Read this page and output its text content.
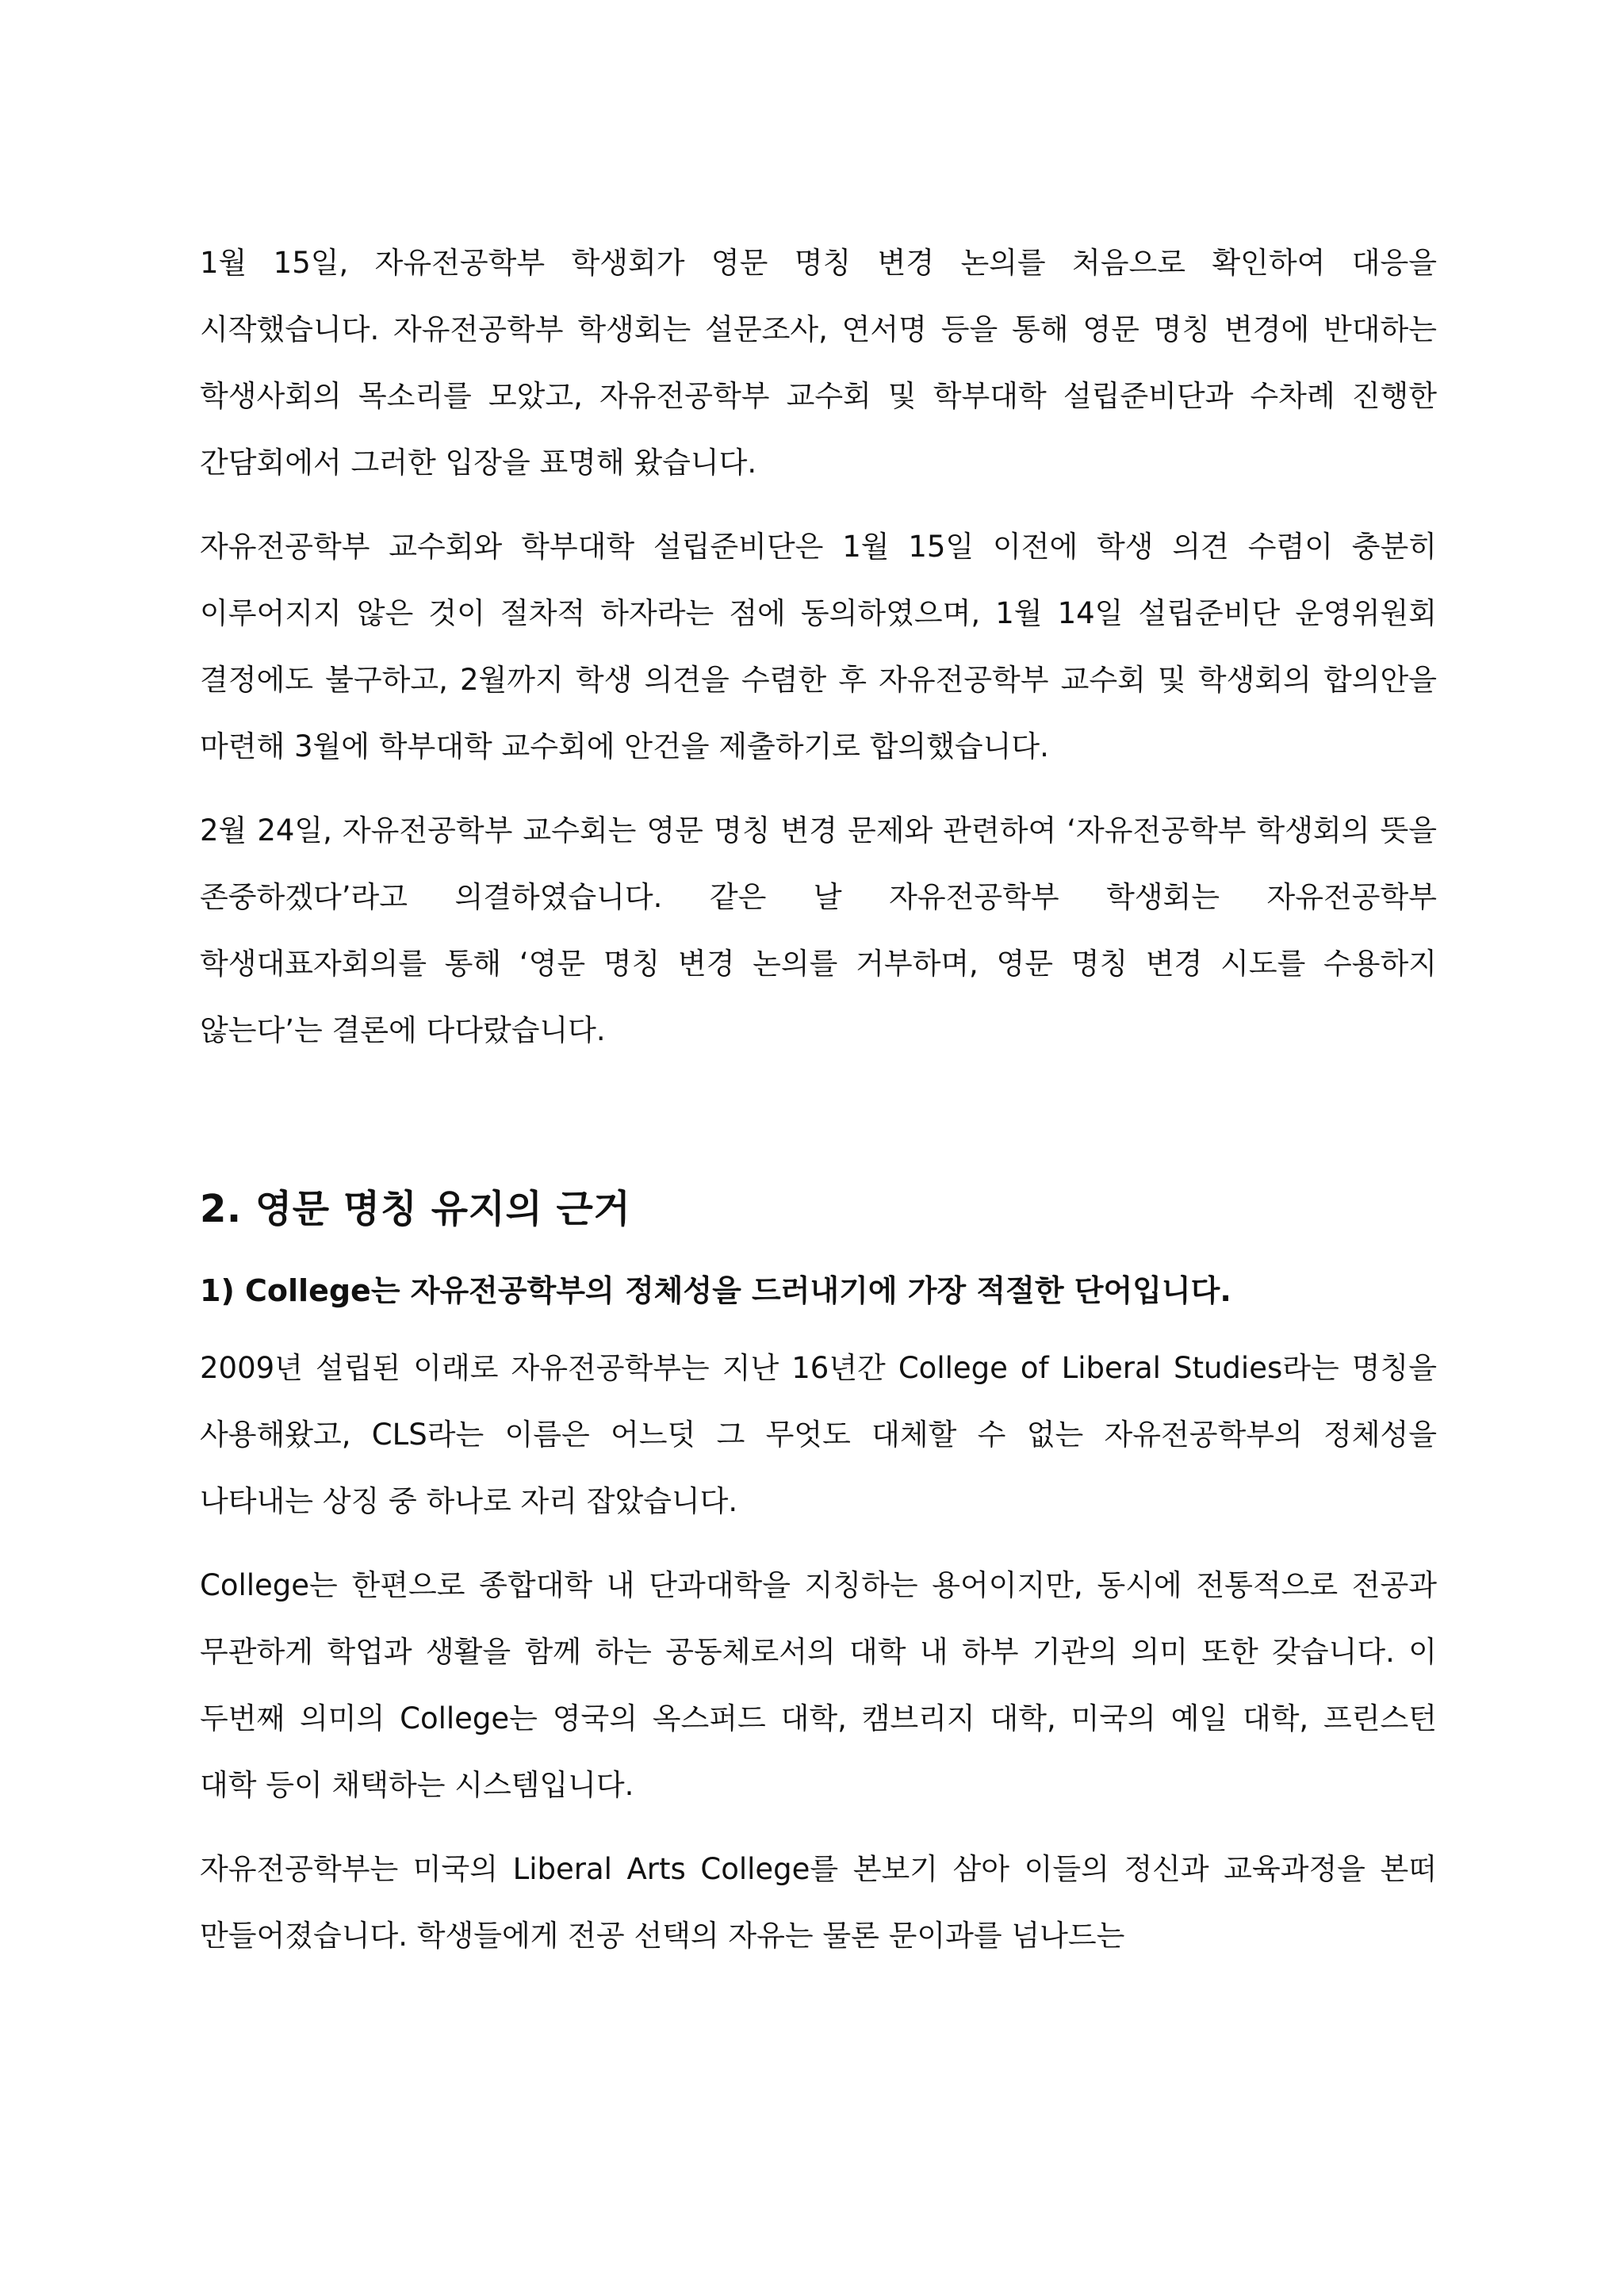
1월 15일, 자유전공학부 학생회가 영문 명칭 변경 논의를 처음으로 확인하여 대응을 시작했습니다. 자유전공학부 학생회는 설문조사, 연서명 등을 통해 영문 명칭 변경에 반대하는 학생사회의 목소리를 모았고, 자유전공학부 교수회 및 학부대학 설립준비단과 수차례 진행한 간담회에서 그러한 입장을 표명해 왔습니다.

자유전공학부 교수회와 학부대학 설립준비단은 1월 15일 이전에 학생 의견 수렴이 충분히 이루어지지 않은 것이 절차적 하자라는 점에 동의하였으며, 1월 14일 설립준비단 운영위원회 결정에도 불구하고, 2월까지 학생 의견을 수렴한 후 자유전공학부 교수회 및 학생회의 합의안을 마련해 3월에 학부대학 교수회에 안건을 제출하기로 합의했습니다.

2월 24일, 자유전공학부 교수회는 영문 명칭 변경 문제와 관련하여 ‘자유전공학부 학생회의 뜻을 존중하겠다’라고 의결하였습니다. 같은 날 자유전공학부 학생회는 자유전공학부 학생대표자회의를 통해 ‘영문 명칭 변경 논의를 거부하며, 영문 명칭 변경 시도를 수용하지 않는다’는 결론에 다다랐습니다.

2. 영문 명칭 유지의 근거
1) College는 자유전공학부의 정체성을 드러내기에 가장 적절한 단어입니다.

2009년 설립된 이래로 자유전공학부는 지난 16년간 College of Liberal Studies라는 명칭을 사용해왔고, CLS라는 이름은 어느덧 그 무엇도 대체할 수 없는 자유전공학부의 정체성을 나타내는 상징 중 하나로 자리 잡았습니다.

College는 한편으로 종합대학 내 단과대학을 지칭하는 용어이지만, 동시에 전통적으로 전공과 무관하게 학업과 생활을 함께 하는 공동체로서의 대학 내 하부 기관의 의미 또한 갖습니다. 이 두번째 의미의 College는 영국의 옥스퍼드 대학, 캠브리지 대학, 미국의 예일 대학, 프린스턴 대학 등이 채택하는 시스템입니다.

자유전공학부는 미국의 Liberal Arts College를 본보기 삼아 이들의 정신과 교육과정을 본떠 만들어졌습니다. 학생들에게 전공 선택의 자유는 물론 문이과를 넘나드는
